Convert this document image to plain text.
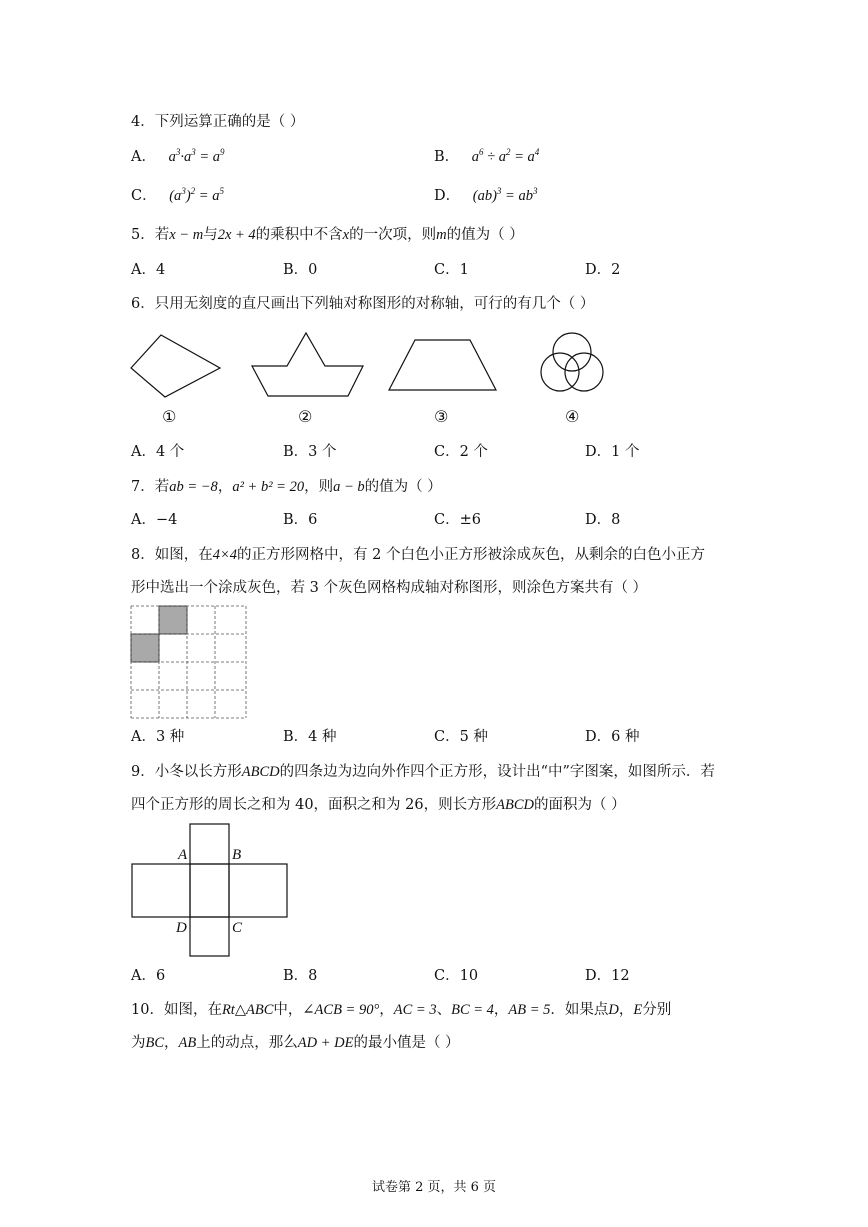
4．下列运算正确的是（ ）
A． $a^3\cdot a^3 = a^9$	B． $a^6 \div a^2 = a^4$
C． $(a^3)^2 = a^5$	D． $(ab)^3 = ab^3$
5．若x − m与2x + 4的乘积中不含x的一次项，则m的值为（ ）
A．4	B．0	C．1	D．2
6．只用无刻度的直尺画出下列轴对称图形的对称轴，可行的有几个（ ）
①	②	③	④
A．4 个	B．3 个	C．2 个	D．1 个
7．若ab = −8，a² + b² = 20，则a − b的值为（ ）
A．−4	B．6	C．±6	D．8
8．如图，在4×4的正方形网格中，有 2 个白色小正方形被涂成灰色，从剩余的白色小正方
形中选出一个涂成灰色，若 3 个灰色网格构成轴对称图形，则涂色方案共有（ ）
A．3 种	B．4 种	C．5 种	D．6 种
9．小冬以长方形ABCD的四条边为边向外作四个正方形，设计出“中”字图案，如图所示．若
四个正方形的周长之和为 40，面积之和为 26，则长方形ABCD的面积为（ ）
A	B
C
D
A．6	B．8	C．10	D．12
10．如图，在Rt△ABC中，∠ACB = 90°，AC = 3、BC = 4，AB = 5．如果点D，E分别
为BC，AB上的动点，那么AD + DE的最小值是（ ）
试卷第 2 页，共 6 页
